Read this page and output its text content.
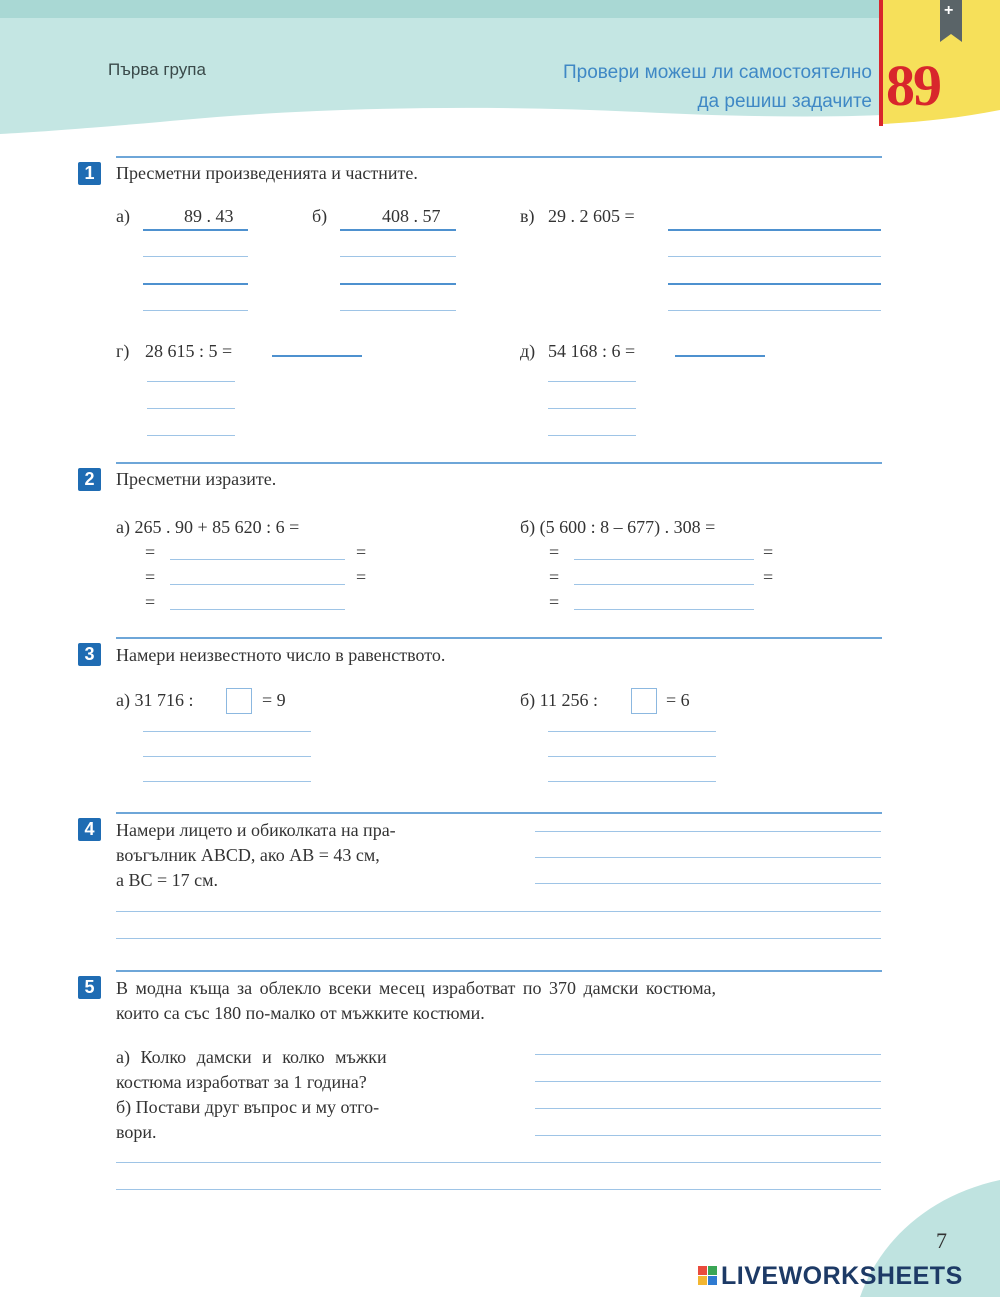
+
Първа група	Провери можеш ли самостоятелно
да решиш задачите 89
1	Пресметни произведенията и частните.
а)	89 . 43	б)	408 . 57	в) 29 . 2 605 =
г) 28 615 : 5 =	д) 54 168 : 6 =
2	Пресметни изразите.
а) 265 . 90 + 85 620 : 6 =
=	=
=	=
=
б) (5 600 : 8 – 677) . 308 =
=	=
=	=
=
3	Намери неизвестното число в равенството.
а) 31 716 :	= 9	б) 11 256 :	= 6
4	Намери лицето и обиколката на пра-
воъгълник ABCD, ако AB = 43 см,
а BC = 17 см.
5	В модна къща за облекло всеки месец изработват по 370 дамски костюма,
които са със 180 по-малко от мъжките костюми.
а) Колко дамски и колко мъжки
костюма изработват за 1 година?
б) Постави друг въпрос и му отго-
вори.
7
LIVEWORKSHEETS
